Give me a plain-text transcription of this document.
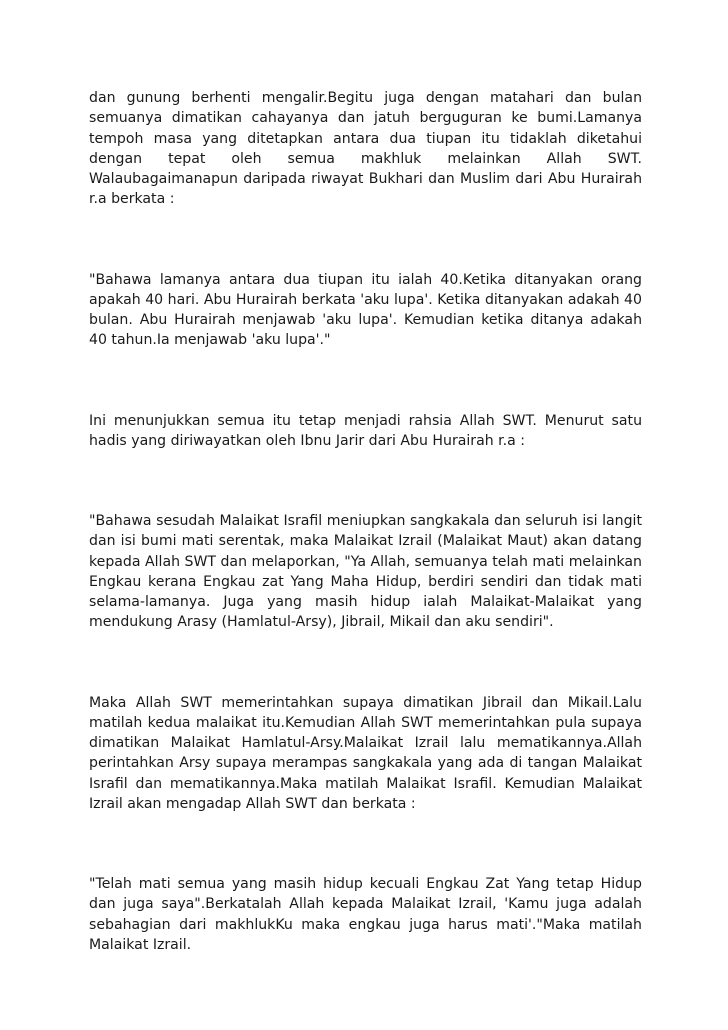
dan gunung berhenti mengalir.Begitu juga dengan matahari dan bulan semuanya dimatikan cahayanya dan jatuh berguguran ke bumi.Lamanya tempoh masa yang ditetapkan antara dua tiupan itu tidaklah diketahui dengan tepat oleh semua makhluk melainkan Allah SWT. Walaubagaimanapun daripada riwayat Bukhari dan Muslim dari Abu Hurairah r.a berkata :

"Bahawa lamanya antara dua tiupan itu ialah 40.Ketika ditanyakan orang apakah 40 hari. Abu Hurairah berkata 'aku lupa'. Ketika ditanyakan adakah 40 bulan. Abu Hurairah menjawab 'aku lupa'. Kemudian ketika ditanya adakah 40 tahun.Ia menjawab 'aku lupa'."

Ini menunjukkan semua itu tetap menjadi rahsia Allah SWT. Menurut satu hadis yang diriwayatkan oleh Ibnu Jarir dari Abu Hurairah r.a :

"Bahawa sesudah Malaikat Israfil meniupkan sangkakala dan seluruh isi langit dan isi bumi mati serentak, maka Malaikat Izrail (Malaikat Maut) akan datang kepada Allah SWT dan melaporkan, "Ya Allah, semuanya telah mati melainkan Engkau kerana Engkau zat Yang Maha Hidup, berdiri sendiri dan tidak mati selama-lamanya. Juga yang masih hidup ialah Malaikat-Malaikat yang mendukung Arasy (Hamlatul-Arsy), Jibrail, Mikail dan aku sendiri".

Maka Allah SWT memerintahkan supaya dimatikan Jibrail dan Mikail.Lalu matilah kedua malaikat itu.Kemudian Allah SWT memerintahkan pula supaya dimatikan Malaikat Hamlatul-Arsy.Malaikat Izrail lalu mematikannya.Allah perintahkan Arsy supaya merampas sangkakala yang ada di tangan Malaikat Israfil dan mematikannya.Maka matilah Malaikat Israfil. Kemudian Malaikat Izrail akan mengadap Allah SWT dan berkata :

"Telah mati semua yang masih hidup kecuali Engkau Zat Yang tetap Hidup dan juga saya".Berkatalah Allah kepada Malaikat Izrail, 'Kamu juga adalah sebahagian dari makhlukKu maka engkau juga harus mati'."Maka matilah Malaikat Izrail.
